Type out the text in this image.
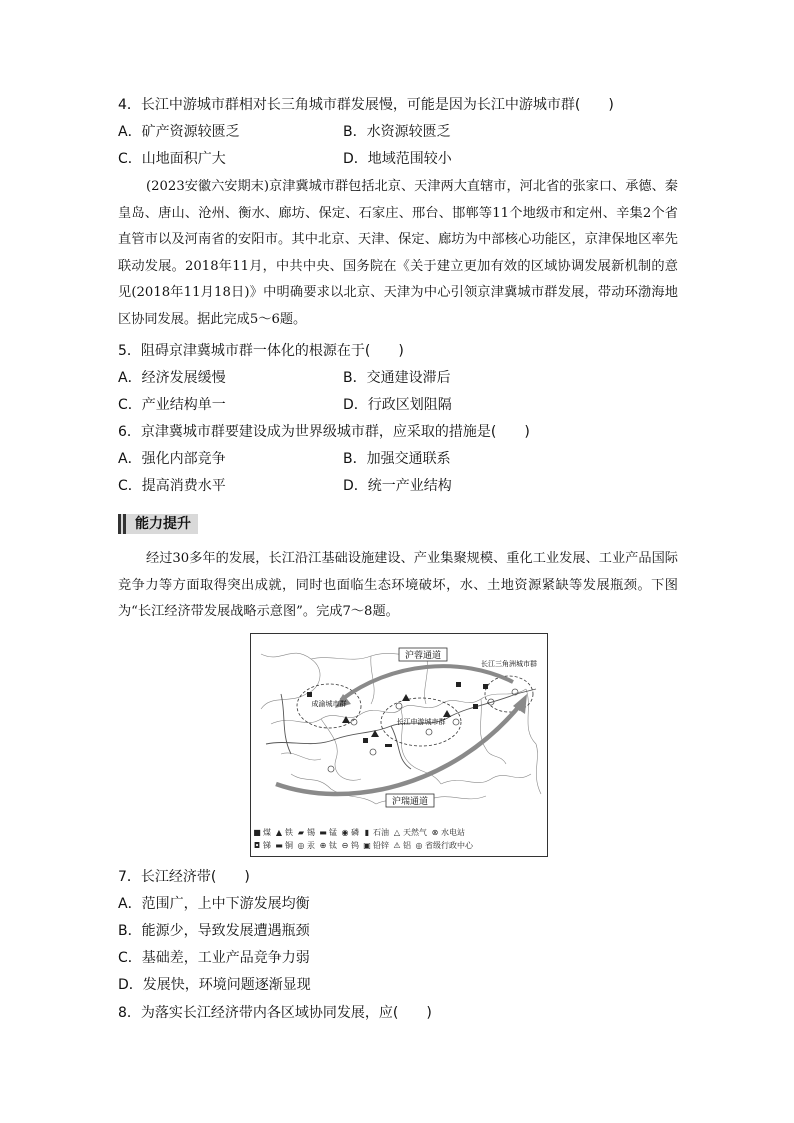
4．长江中游城市群相对长三角城市群发展慢，可能是因为长江中游城市群(　　)
A．矿产资源较匮乏	B．水资源较匮乏
C．山地面积广大	D．地域范围较小
(2023安徽六安期末)京津冀城市群包括北京、天津两大直辖市，河北省的张家口、承德、秦皇岛、唐山、沧州、衡水、廊坊、保定、石家庄、邢台、邯郸等11个地级市和定州、辛集2个省直管市以及河南省的安阳市。其中北京、天津、保定、廊坊为中部核心功能区，京津保地区率先联动发展。2018年11月，中共中央、国务院在《关于建立更加有效的区域协调发展新机制的意见(2018年11月18日)》中明确要求以北京、天津为中心引领京津冀城市群发展，带动环渤海地区协同发展。据此完成5～6题。
5．阻碍京津冀城市群一体化的根源在于(　　)
A．经济发展缓慢	B．交通建设滞后
C．产业结构单一	D．行政区划阻隔
6．京津冀城市群要建设成为世界级城市群，应采取的措施是(　　)
A．强化内部竞争	B．加强交通联系
C．提高消费水平	D．统一产业结构
能力提升
经过30多年的发展，长江沿江基础设施建设、产业集聚规模、重化工业发展、工业产品国际竞争力等方面取得突出成就，同时也面临生态环境破坏，水、土地资源紧缺等发展瓶颈。下图为“长江经济带发展战略示意图”。完成7～8题。
沪蓉通道
沪瑞通道
成渝城市群
长江中游城市群
长江三角洲城市群
■ 煤 ▲ 铁 ▰ 锡 ▬ 锰 ◉ 磷 ▮ 石油 △ 天然气 ⊗ 水电站
◘ 锑 ▬ 铜 ◎ 汞 ⊕ 钛 ⊖ 钨 ▣ 铅锌 ⚠ 铝 ◎ 省级行政中心
7．长江经济带(　　)
A．范围广，上中下游发展均衡
B．能源少，导致发展遭遇瓶颈
C．基础差，工业产品竞争力弱
D．发展快，环境问题逐渐显现
8．为落实长江经济带内各区域协同发展，应(　　)
